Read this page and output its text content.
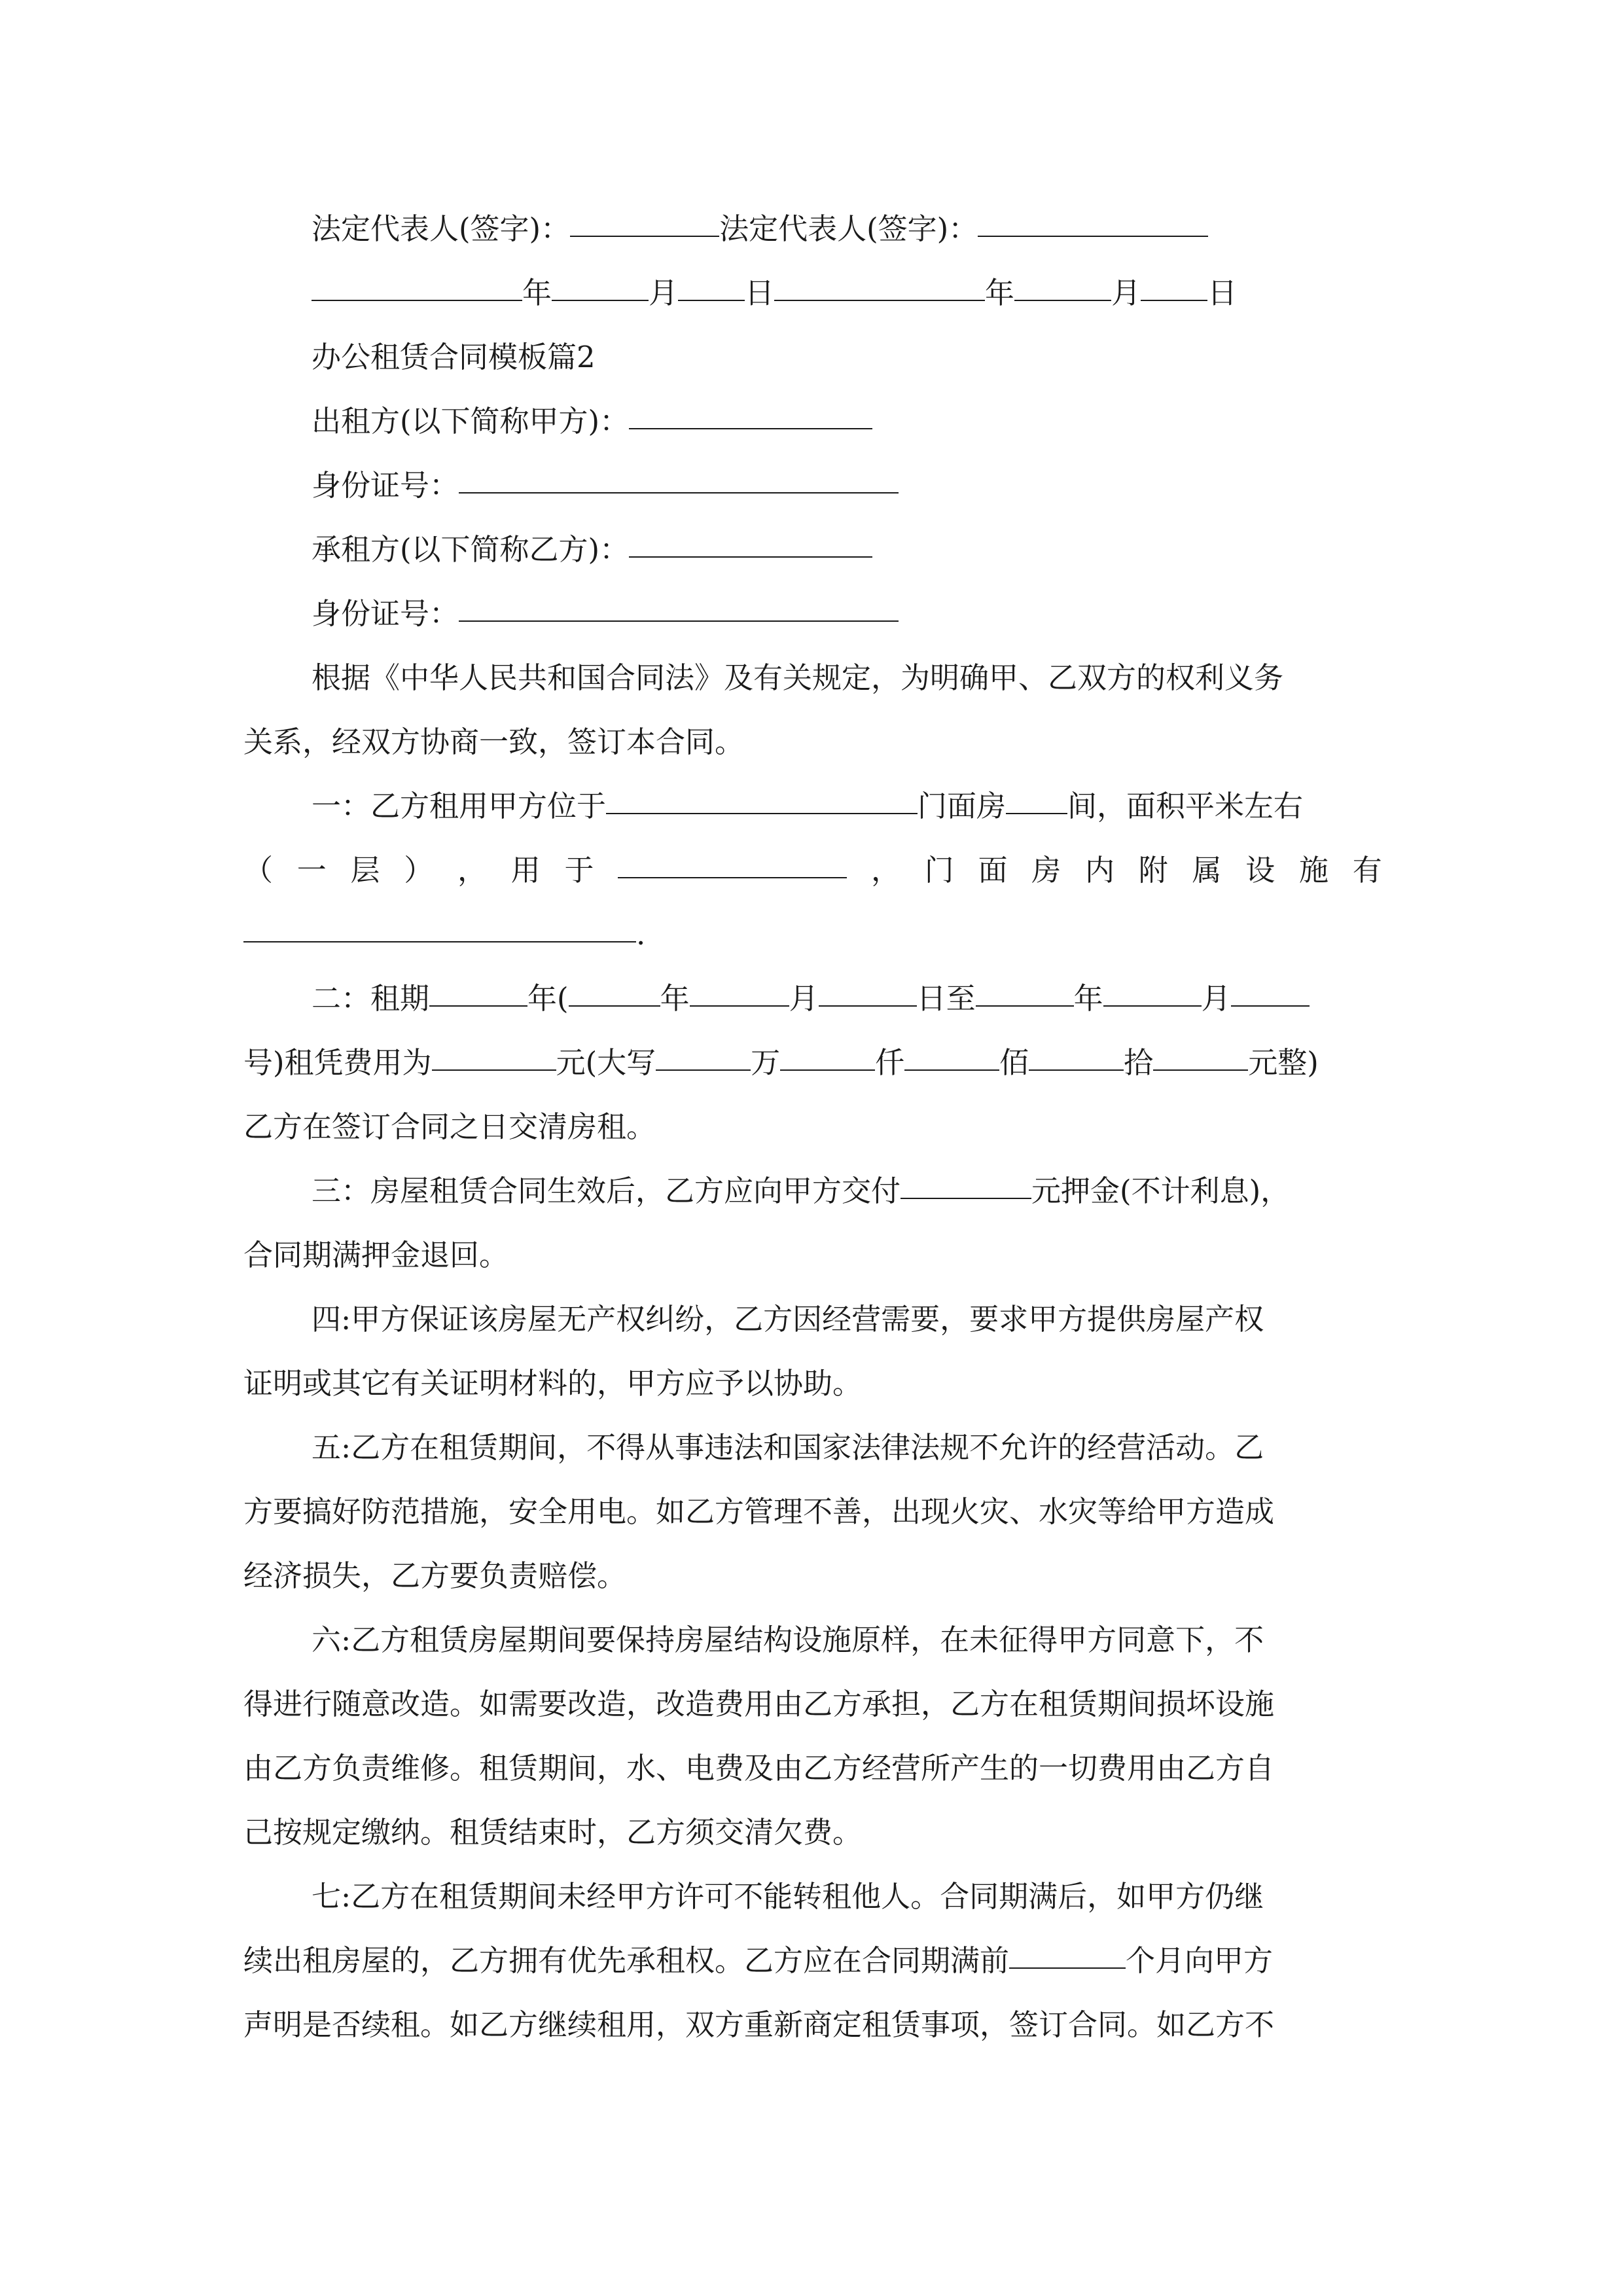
法定代表人(签字)：	法定代表人(签字)：
年	月 日	年	月 日
办公租赁合同模板篇2
出租方(以下简称甲方)：
身份证号：
承租方(以下简称乙方)：
身份证号：
根据《中华人民共和国合同法》及有关规定，为明确甲、乙双方的权利义务
关系，经双方协商一致，签订本合同。
一：乙方租用甲方位于	门面房 间，面积平米左右
（ 一 层 ） ， 用 于	， 门 面 房 内 附 属 设 施 有
.
二：租期	年(	年	月	日至	年	月
号)租凭费用为	元(大写	万	仟	佰	拾	元整)
乙方在签订合同之日交清房租。
三：房屋租赁合同生效后，乙方应向甲方交付	元押金(不计利息)，
合同期满押金退回。
四:甲方保证该房屋无产权纠纷，乙方因经营需要，要求甲方提供房屋产权
证明或其它有关证明材料的，甲方应予以协助。
五:乙方在租赁期间，不得从事违法和国家法律法规不允许的经营活动。乙
方要搞好防范措施，安全用电。如乙方管理不善，出现火灾、水灾等给甲方造成
经济损失，乙方要负责赔偿。
六:乙方租赁房屋期间要保持房屋结构设施原样，在未征得甲方同意下，不
得进行随意改造。如需要改造，改造费用由乙方承担，乙方在租赁期间损坏设施
由乙方负责维修。租赁期间，水、电费及由乙方经营所产生的一切费用由乙方自
己按规定缴纳。租赁结束时，乙方须交清欠费。
七:乙方在租赁期间未经甲方许可不能转租他人。合同期满后，如甲方仍继
续出租房屋的，乙方拥有优先承租权。乙方应在合同期满前	个月向甲方
声明是否续租。如乙方继续租用，双方重新商定租赁事项，签订合同。如乙方不
